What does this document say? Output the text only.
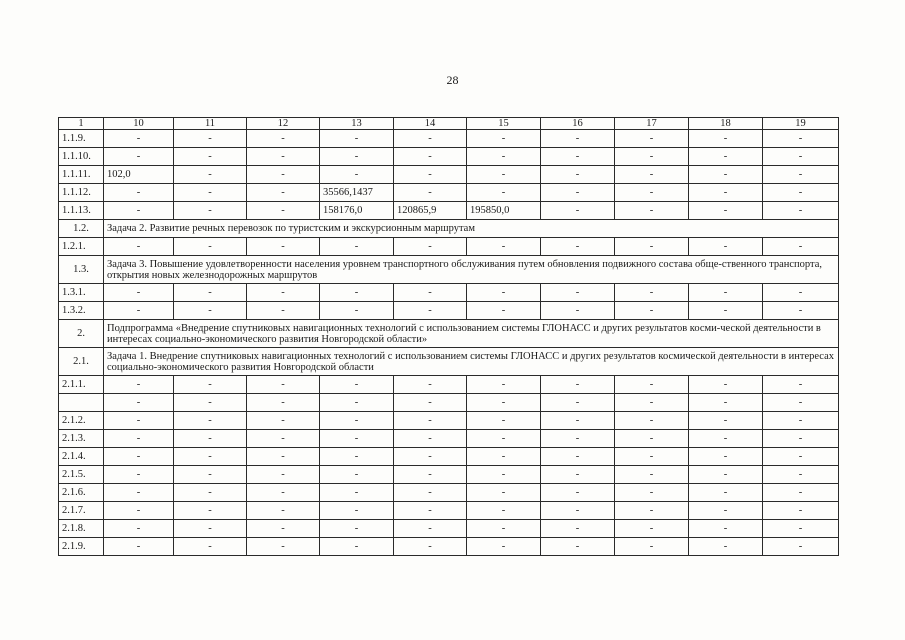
28
1	10	11	12	13	14	15	16	17	18	19
1.1.9.	-	-	-	-	-	-	-	-	-	-
1.1.10.	-	-	-	-	-	-	-	-	-	-
1.1.11.	102,0	-	-	-	-	-	-	-	-	-
1.1.12.	-	-	-	35566,1437	-	-	-	-	-	-
1.1.13.	-	-	-	158176,0	120865,9	195850,0	-	-	-	-
1.2.	Задача 2. Развитие речных перевозок по туристским и экскурсионным маршрутам									
1.2.1.	-	-	-	-	-	-	-	-	-	-
1.3.	Задача 3. Повышение удовлетворенности населения уровнем транспортного обслуживания путем обновления подвижного состава обще-ственного транспорта, открытия новых железнодорожных маршрутов									
1.3.1.	-	-	-	-	-	-	-	-	-	-
1.3.2.	-	-	-	-	-	-	-	-	-	-
2.	Подпрограмма «Внедрение спутниковых навигационных технологий с использованием системы ГЛОНАСС и других результатов косми-ческой деятельности в интересах социально-экономического развития Новгородской области»									
2.1.	Задача 1. Внедрение спутниковых навигационных технологий с использованием системы ГЛОНАСС и других результатов космической деятельности в интересах социально-экономического развития Новгородской области									
2.1.1.	-	-	-	-	-	-	-	-	-	-
	-	-	-	-	-	-	-	-	-	-
2.1.2.	-	-	-	-	-	-	-	-	-	-
2.1.3.	-	-	-	-	-	-	-	-	-	-
2.1.4.	-	-	-	-	-	-	-	-	-	-
2.1.5.	-	-	-	-	-	-	-	-	-	-
2.1.6.	-	-	-	-	-	-	-	-	-	-
2.1.7.	-	-	-	-	-	-	-	-	-	-
2.1.8.	-	-	-	-	-	-	-	-	-	-
2.1.9.	-	-	-	-	-	-	-	-	-	-
